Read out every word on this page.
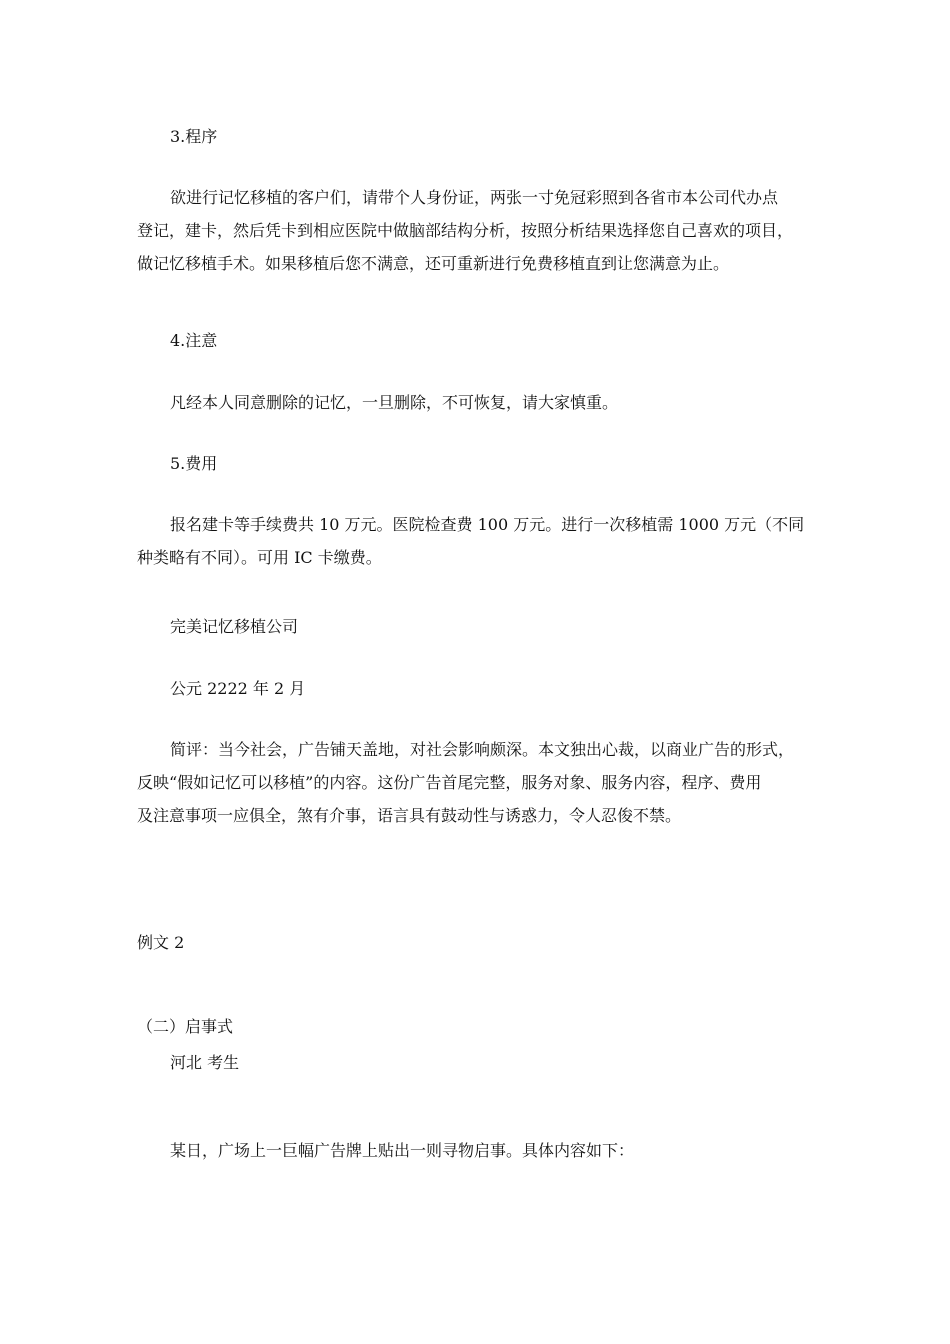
3.程序

欲进行记忆移植的客户们，请带个人身份证，两张一寸免冠彩照到各省市本公司代办点
登记，建卡，然后凭卡到相应医院中做脑部结构分析，按照分析结果选择您自己喜欢的项目，
做记忆移植手术。如果移植后您不满意，还可重新进行免费移植直到让您满意为止。

4.注意

凡经本人同意删除的记忆，一旦删除，不可恢复，请大家慎重。

5.费用

报名建卡等手续费共 10 万元。医院检查费 100 万元。进行一次移植需 1000 万元（不同
种类略有不同）。可用 IC 卡缴费。

完美记忆移植公司

公元 2222 年 2 月

简评：当今社会，广告铺天盖地，对社会影响颇深。本文独出心裁，以商业广告的形式，
反映“假如记忆可以移植”的内容。这份广告首尾完整，服务对象、服务内容，程序、费用
及注意事项一应俱全，煞有介事，语言具有鼓动性与诱惑力，令人忍俊不禁。

例文 2

（二）启事式

河北 考生

某日，广场上一巨幅广告牌上贴出一则寻物启事。具体内容如下：
